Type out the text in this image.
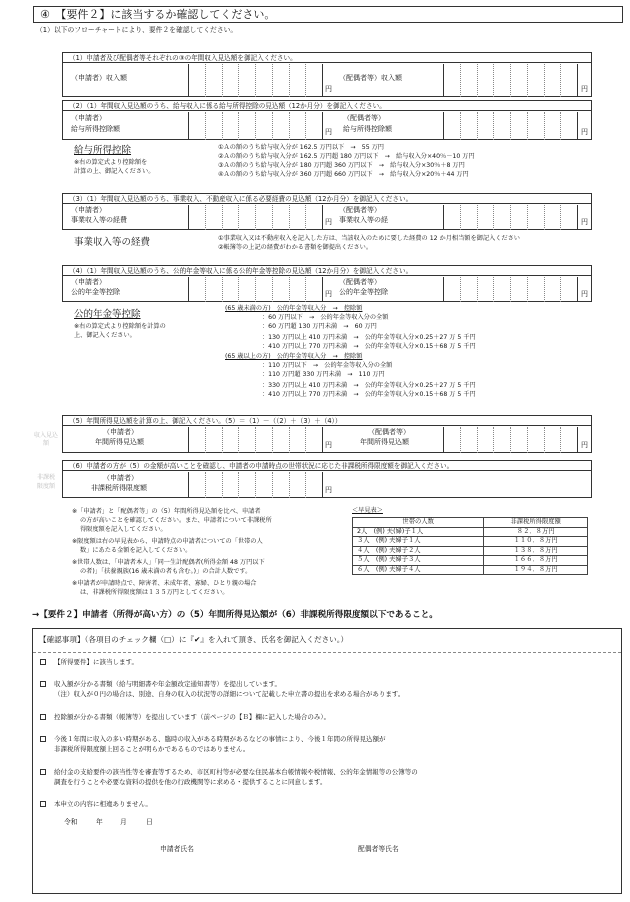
④　【要件２】に該当するか確認してください。
（1）以下のフローチャートにより、要件２を確認してください。
（1）申請者及び配偶者等それぞれの③の年間収入見込額を御記入ください。
（申請者）収入額
円
（配偶者等）収入額
円
（2）（1）年間収入見込額のうち、給与収入に係る給与所得控除の見込額（12か月分）を御記入ください。
（申請者）
給与所得控除額	円
（配偶者等）
給与所得控除額	円
給与所得控除
※右の算定式より控除額を
計算の上、御記入ください。
①Ａの額のうち給与収入分が 162.5 万円以下　→　55 万円
②Ａの額のうち給与収入分が 162.5 万円超 180 万円以下　→　給与収入分×40％－10 万円
③Ａの額のうち給与収入分が 180 万円超 360 万円以下　→　給与収入分×30％＋8 万円
④Ａの額のうち給与収入分が 360 万円超 660 万円以下　→　給与収入分×20％＋44 万円
（3）（1）年間収入見込額のうち、事業収入、不動産収入に係る必要経費の見込額（12か月分）を御記入ください。
（申請者）
事業収入等の経費	円
（配偶者等）
事業収入等の経	円
事業収入等の経費	①事業収入又は不動産収入を記入した方は、当該収入のために要した経費の 12 か月相当額を御記入ください
②帳簿等の上記の経費がわかる書類を御提出ください。
（4）（1）年間収入見込額のうち、公的年金等収入に係る公的年金等控除の見込額（12か月分）を御記入ください。
（申請者）
公的年金等控除	円
（配偶者等）
公的年金等控除	円
公的年金等控除
※右の算定式より控除額を計算の
上、御記入ください。
(65 歳未満の方)　公的年金等収入分　→　控除額
：60 万円以下　→　公的年金等収入分の全額
：60 万円超 130 万円未満　→　60 万円
：130 万円以上 410 万円未満　→　公的年金等収入分×0.25＋27 万 5 千円
：410 万円以上 770 万円未満　→　公的年金等収入分×0.15＋68 万 5 千円
(65 歳以上の方)　公的年金等収入分　→　控除額
：110 万円以下　→　公的年金等収入分の全額
：110 万円超 330 万円未満　→　110 万円
：330 万円以上 410 万円未満　→　公的年金等収入分×0.25＋27 万 5 千円
：410 万円以上 770 万円未満　→　公的年金等収入分×0.15＋68 万 5 千円
収入見込額
（5）年間所得見込額を計算の上、御記入ください。（5）＝（1）－（（2）＋（3）＋（4））
（申請者）
年間所得見込額	円
（配偶者等）
年間所得見込額	円
非課税
限度額
（6）申請者の方が（5）の金額が高いことを確認し、申請者の申請時点の世帯状況に応じた非課税所得限度額を御記入ください。
（申請者）
非課税所得限度額	円
※「申請者」と「配偶者等」の（5）年間所得見込額を比べ、申請者
の方が高いことを確認してください。また、申請者について非課税所
得限度額を記入してください。
※限度額は右の早見表から、申請時点の申請者についての「世帯の人
数」にあたる金額を記入してください。
※世帯人数は、「申請者本人」「同一生計配偶者(所得金額 48 万円以下
の者)」「扶養親族(16 歳未満の者も含む。)」の合計人数です。
※申請者が申請時点で、障害者、未成年者、寡婦、ひとり親の場合
は、非課税所得限度額は１３５万円としてください。
＜早見表＞
世帯の人数	非課税所得限度額
2人　(例) 夫(婦)子１人	８２．８万円
３人　(例) 夫婦子１人	１１０．８万円
４人　(例) 夫婦子２人	１３８．８万円
５人　(例) 夫婦子３人	１６６．８万円
６人　(例) 夫婦子４人	１９４．８万円
→【要件２】申請者（所得が高い方）の（5）年間所得見込額が（6）非課税所得限度額以下であること。
【確認事項】（各項目のチェック欄（□）に『✔』を入れて頂き、氏名を御記入ください。）
【所得要件】に該当します。
収入額が分かる書類（給与明細書や年金額改定通知書等）を提出しています。
（注）収入が０円の場合は、別途、自身の収入の状況等の詳細について記載した申立書の提出を求める場合があります。
控除額が分かる書類（帳簿等）を提出しています（前ページの【Ｂ】欄に記入した場合のみ）。
今後１年間に収入の多い時期がある、臨時の収入がある時期があるなどの事情により、今後１年間の所得見込額が
非課税所得限度額上回ることが明らかであるものではありません。
給付金の支給要件の該当性等を審査等するため、市区町村等が必要な住民基本台帳情報や税情報、公的年金情報等の公簿等の
調査を行うことや必要な資料の提供を他の行政機関等に求める・提供することに同意します。
本申立の内容に相違ありません。
令和	年	月	日
申請者氏名	配偶者等氏名
